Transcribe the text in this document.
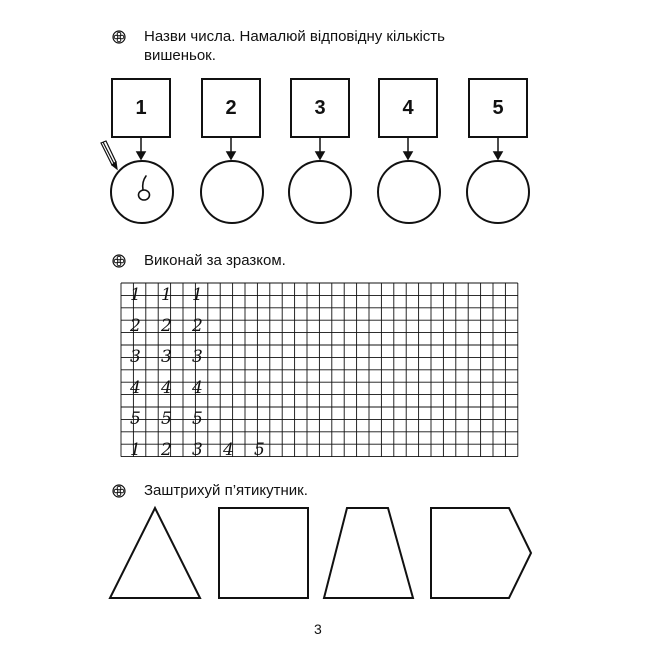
Назви числа. Намалюй відповідну кількість
вишеньок.
1	2	3	4	5
Виконай за зразком.
1 1 1
2 2 2
3 3 3
4 4 4
5 5 5
1 2 3 4 5
Заштрихуй п’ятикутник.
3
